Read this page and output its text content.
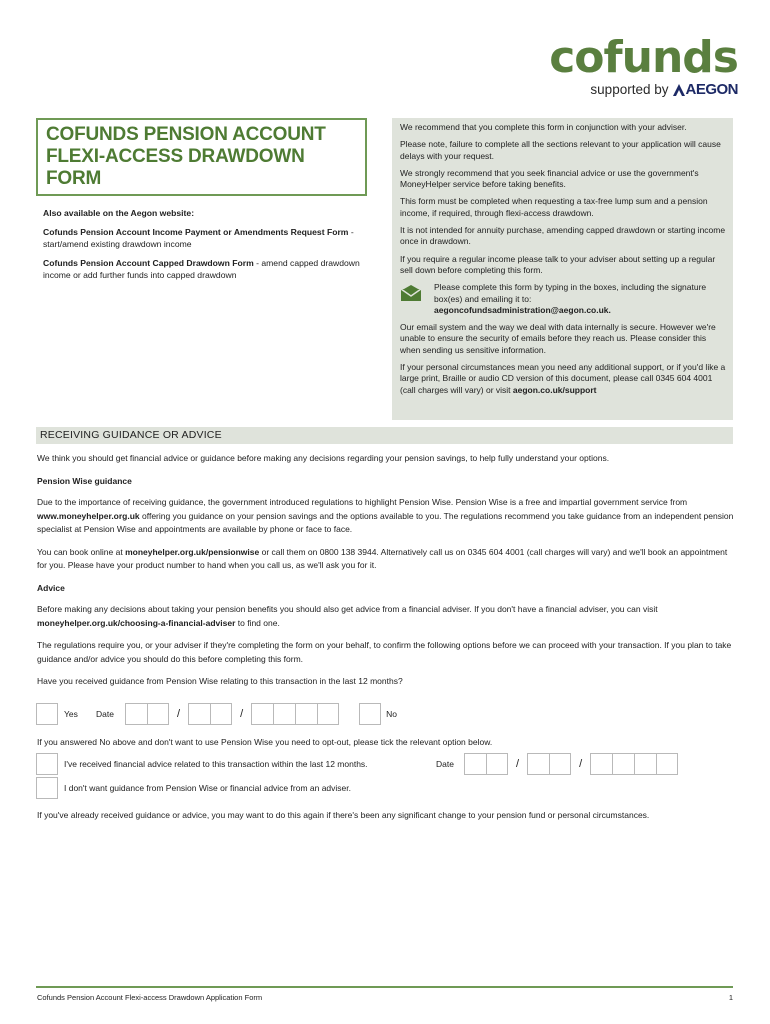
cofunds
supported by	AEGON
COFUNDS PENSION ACCOUNT FLEXI-ACCESS DRAWDOWN FORM

Also available on the Aegon website:

Cofunds Pension Account Income Payment or Amendments Request Form - start/amend existing drawdown income

Cofunds Pension Account Capped Drawdown Form - amend capped drawdown income or add further funds into capped drawdown

We recommend that you complete this form in conjunction with your adviser.

Please note, failure to complete all the sections relevant to your application will cause delays with your request.

We strongly recommend that you seek financial advice or use the government's MoneyHelper service before taking benefits.

This form must be completed when requesting a tax-free lump sum and a pension income, if required, through flexi-access drawdown.

It is not intended for annuity purchase, amending capped drawdown or starting income once in drawdown.

If you require a regular income please talk to your adviser about setting up a regular sell down before completing this form.

Please complete this form by typing in the boxes, including the signature box(es) and emailing it to:
aegoncofundsadministration@aegon.co.uk.

Our email system and the way we deal with data internally is secure. However we're unable to ensure the security of emails before they reach us. Please consider this when sending us sensitive information.

If your personal circumstances mean you need any additional support, or if you'd like a large print, Braille or audio CD version of this document, please call 0345 604 4001 (call charges will vary) or visit aegon.co.uk/support

RECEIVING GUIDANCE OR ADVICE

We think you should get financial advice or guidance before making any decisions regarding your pension savings, to help fully understand your options.

Pension Wise guidance

Due to the importance of receiving guidance, the government introduced regulations to highlight Pension Wise. Pension Wise is a free and impartial government service from www.moneyhelper.org.uk offering you guidance on your pension savings and the options available to you. The regulations recommend you take guidance from an independent pension specialist at Pension Wise and appointments are available by phone or face to face.

You can book online at moneyhelper.org.uk/pensionwise or call them on 0800 138 3944. Alternatively call us on 0345 604 4001 (call charges will vary) and we'll book an appointment for you. Please have your product number to hand when you call us, as we'll ask you for it.

Advice

Before making any decisions about taking your pension benefits you should also get advice from a financial adviser. If you don't have a financial adviser, you can visit moneyhelper.org.uk/choosing-a-financial-adviser to find one.

The regulations require you, or your adviser if they're completing the form on your behalf, to confirm the following options before we can proceed with your transaction. If you plan to take guidance and/or advice you should do this before completing this form.

Have you received guidance from Pension Wise relating to this transaction in the last 12 months?

Yes	Date	/	/	No
If you answered No above and don't want to use Pension Wise you need to opt-out, please tick the relevant option below.
I've received financial advice related to this transaction within the last 12 months.	Date	/	/
I don't want guidance from Pension Wise or financial advice from an adviser.
If you've already received guidance or advice, you may want to do this again if there's been any significant change to your pension fund or personal circumstances.
Cofunds Pension Account Flexi-access Drawdown Application Form	1
